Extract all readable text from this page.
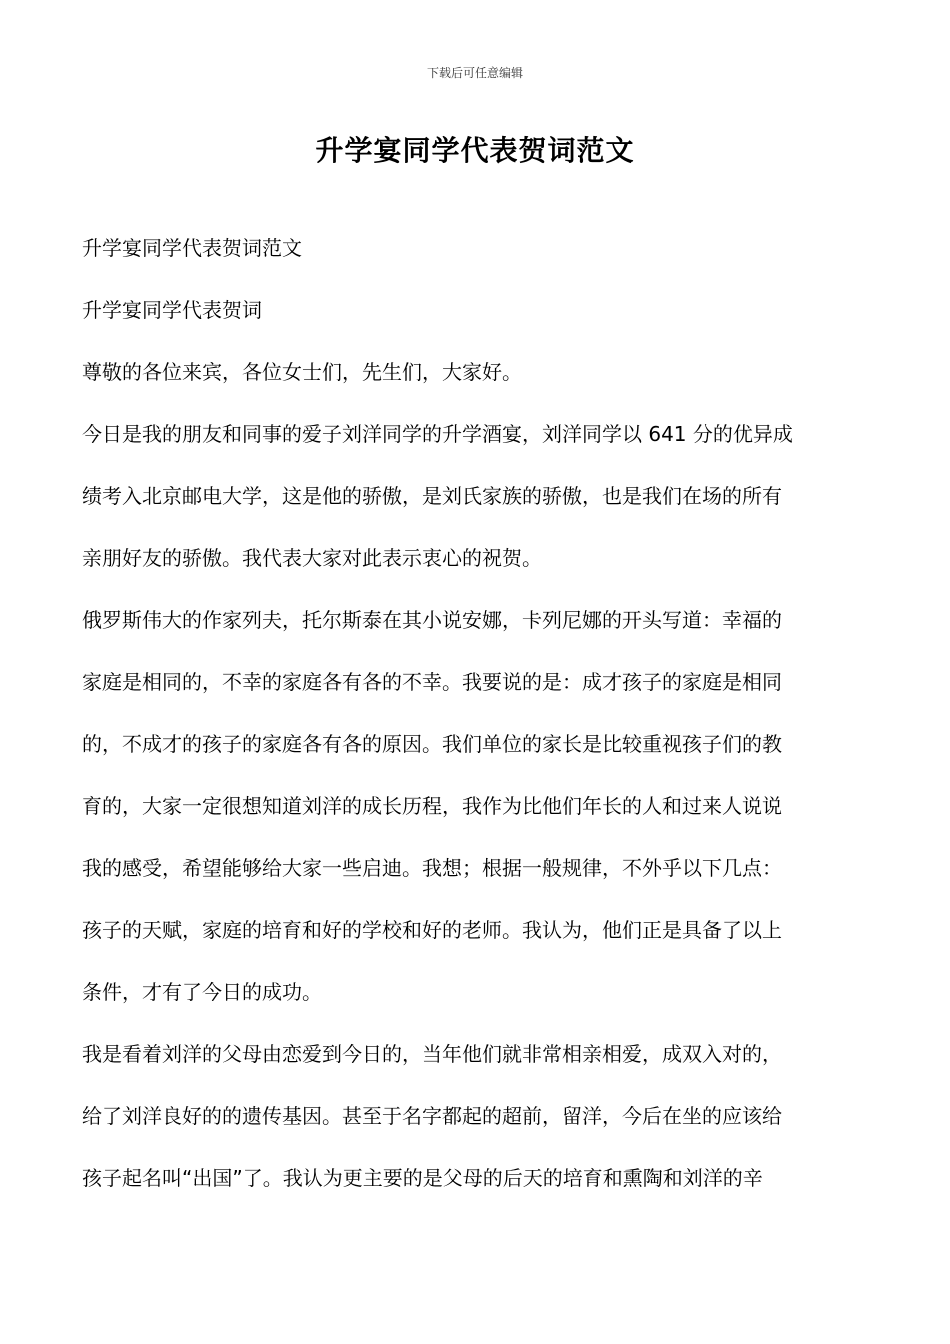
下载后可任意编辑
升学宴同学代表贺词范文

升学宴同学代表贺词范文

升学宴同学代表贺词

尊敬的各位来宾，各位女士们，先生们，大家好。

今日是我的朋友和同事的爱子刘洋同学的升学酒宴，刘洋同学以 641 分的优异成

绩考入北京邮电大学，这是他的骄傲，是刘氏家族的骄傲，也是我们在场的所有

亲朋好友的骄傲。我代表大家对此表示衷心的祝贺。

俄罗斯伟大的作家列夫，托尔斯泰在其小说安娜，卡列尼娜的开头写道：幸福的

家庭是相同的，不幸的家庭各有各的不幸。我要说的是：成才孩子的家庭是相同

的，不成才的孩子的家庭各有各的原因。我们单位的家长是比较重视孩子们的教

育的，大家一定很想知道刘洋的成长历程，我作为比他们年长的人和过来人说说

我的感受，希望能够给大家一些启迪。我想；根据一般规律，不外乎以下几点：

孩子的天赋，家庭的培育和好的学校和好的老师。我认为，他们正是具备了以上

条件，才有了今日的成功。

我是看着刘洋的父母由恋爱到今日的，当年他们就非常相亲相爱，成双入对的，

给了刘洋良好的的遗传基因。甚至于名字都起的超前，留洋，今后在坐的应该给

孩子起名叫“出国”了。我认为更主要的是父母的后天的培育和熏陶和刘洋的辛
